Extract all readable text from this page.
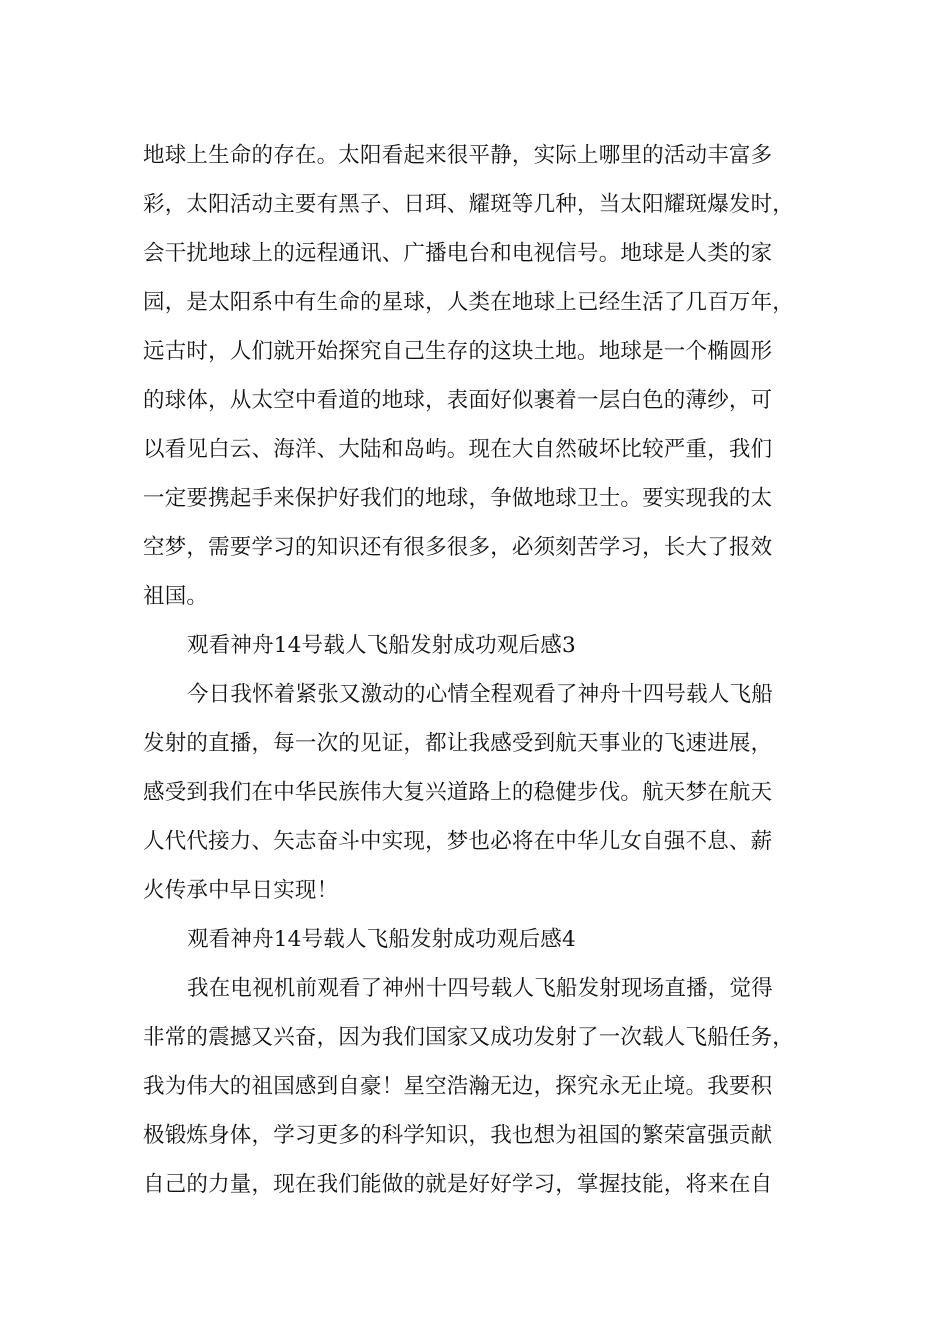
地球上生命的存在。太阳看起来很平静，实际上哪里的活动丰富多
彩，太阳活动主要有黑子、日珥、耀斑等几种，当太阳耀斑爆发时，
会干扰地球上的远程通讯、广播电台和电视信号。地球是人类的家
园，是太阳系中有生命的星球，人类在地球上已经生活了几百万年，
远古时，人们就开始探究自己生存的这块土地。地球是一个椭圆形
的球体，从太空中看道的地球，表面好似裹着一层白色的薄纱，可
以看见白云、海洋、大陆和岛屿。现在大自然破坏比较严重，我们
一定要携起手来保护好我们的地球，争做地球卫士。要实现我的太
空梦，需要学习的知识还有很多很多，必须刻苦学习，长大了报效
祖国。
观看神舟14号载人飞船发射成功观后感3
今日我怀着紧张又激动的心情全程观看了神舟十四号载人飞船
发射的直播，每一次的见证，都让我感受到航天事业的飞速进展，
感受到我们在中华民族伟大复兴道路上的稳健步伐。航天梦在航天
人代代接力、矢志奋斗中实现，梦也必将在中华儿女自强不息、薪
火传承中早日实现！
观看神舟14号载人飞船发射成功观后感4
我在电视机前观看了神州十四号载人飞船发射现场直播，觉得
非常的震撼又兴奋，因为我们国家又成功发射了一次载人飞船任务，
我为伟大的祖国感到自豪！星空浩瀚无边，探究永无止境。我要积
极锻炼身体，学习更多的科学知识，我也想为祖国的繁荣富强贡献
自己的力量，现在我们能做的就是好好学习，掌握技能，将来在自
